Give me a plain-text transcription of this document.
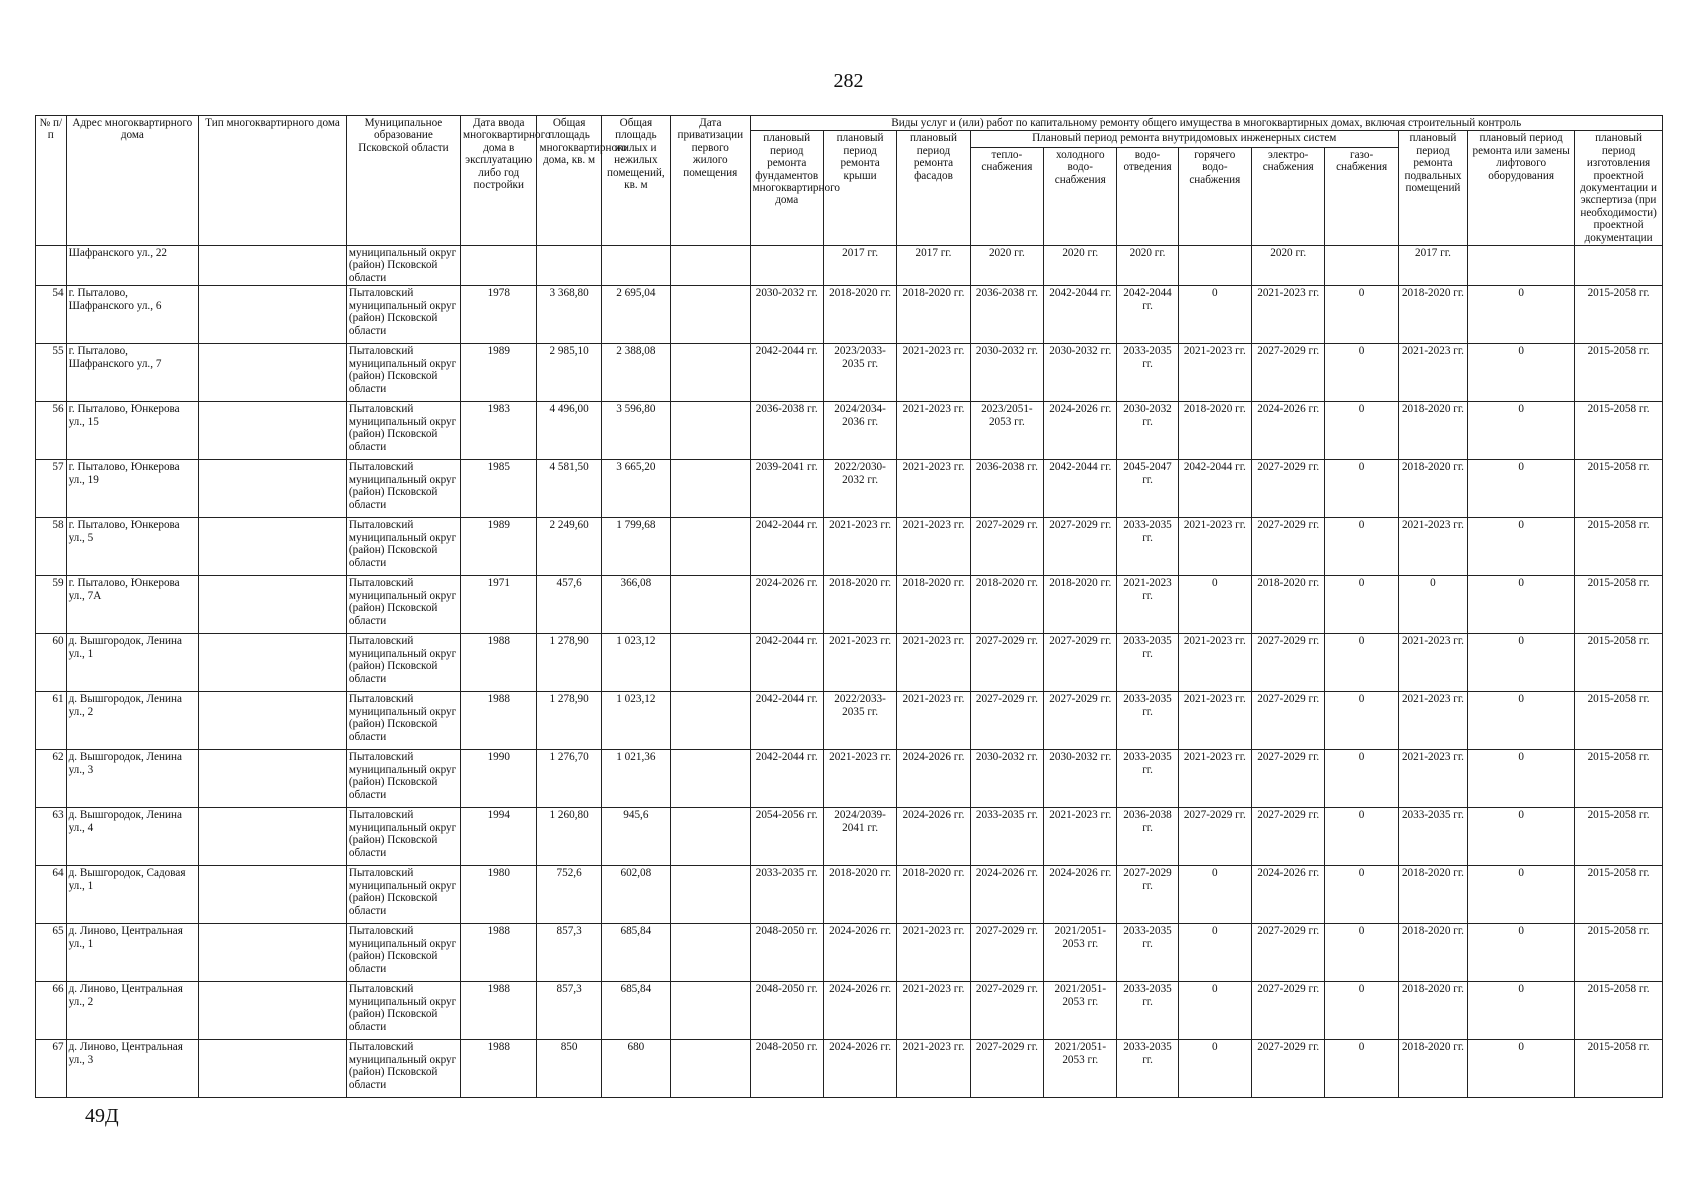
282
№ п/п	Адрес многоквартирного дома	Тип многоквартирного дома	Муниципальное образование Псковской области	Дата ввода многоквартирного дома в эксплуатацию либо год постройки	Общая площадь многоквартирного дома, кв. м	Общая площадь жилых и нежилых помещений, кв. м	Дата приватизации первого жилого помещения	Виды услуг и (или) работ по капитальному ремонту общего имущества в многоквартирных домах, включая строительный контроль											
								плановый период ремонта фундаментов многоквартирного дома	плановый период ремонта крыши	плановый период ремонта фасадов	Плановый период ремонта внутридомовых инженерных систем						плановый период ремонта подвальных помещений	плановый период ремонта или замены лифтового оборудования	плановый период изготовления проектной документации и экспертиза (при необходимости) проектной документации
											тепло-снабжения	холодного водо-снабжения	водо-отведения	горячего водо-снабжения	электро-снабжения	газо-снабжения			
	Шафранского ул., 22		муниципальный округ (район) Псковской области						2017 гг.	2017 гг.	2020 гг.	2020 гг.	2020 гг.		2020 гг.		2017 гг.		
54	г. Пыталово, Шафранского ул., 6		Пыталовский муниципальный округ (район) Псковской области	1978	3 368,80	2 695,04		2030-2032 гг.	2018-2020 гг.	2018-2020 гг.	2036-2038 гг.	2042-2044 гг.	2042-2044 гг.	0	2021-2023 гг.	0	2018-2020 гг.	0	2015-2058 гг.
55	г. Пыталово, Шафранского ул., 7		Пыталовский муниципальный округ (район) Псковской области	1989	2 985,10	2 388,08		2042-2044 гг.	2023/2033-2035 гг.	2021-2023 гг.	2030-2032 гг.	2030-2032 гг.	2033-2035 гг.	2021-2023 гг.	2027-2029 гг.	0	2021-2023 гг.	0	2015-2058 гг.
56	г. Пыталово, Юнкерова ул., 15		Пыталовский муниципальный округ (район) Псковской области	1983	4 496,00	3 596,80		2036-2038 гг.	2024/2034-2036 гг.	2021-2023 гг.	2023/2051-2053 гг.	2024-2026 гг.	2030-2032 гг.	2018-2020 гг.	2024-2026 гг.	0	2018-2020 гг.	0	2015-2058 гг.
57	г. Пыталово, Юнкерова ул., 19		Пыталовский муниципальный округ (район) Псковской области	1985	4 581,50	3 665,20		2039-2041 гг.	2022/2030-2032 гг.	2021-2023 гг.	2036-2038 гг.	2042-2044 гг.	2045-2047 гг.	2042-2044 гг.	2027-2029 гг.	0	2018-2020 гг.	0	2015-2058 гг.
58	г. Пыталово, Юнкерова ул., 5		Пыталовский муниципальный округ (район) Псковской области	1989	2 249,60	1 799,68		2042-2044 гг.	2021-2023 гг.	2021-2023 гг.	2027-2029 гг.	2027-2029 гг.	2033-2035 гг.	2021-2023 гг.	2027-2029 гг.	0	2021-2023 гг.	0	2015-2058 гг.
59	г. Пыталово, Юнкерова ул., 7А		Пыталовский муниципальный округ (район) Псковской области	1971	457,6	366,08		2024-2026 гг.	2018-2020 гг.	2018-2020 гг.	2018-2020 гг.	2018-2020 гг.	2021-2023 гг.	0	2018-2020 гг.	0	0	0	2015-2058 гг.
60	д. Вышгородок, Ленина ул., 1		Пыталовский муниципальный округ (район) Псковской области	1988	1 278,90	1 023,12		2042-2044 гг.	2021-2023 гг.	2021-2023 гг.	2027-2029 гг.	2027-2029 гг.	2033-2035 гг.	2021-2023 гг.	2027-2029 гг.	0	2021-2023 гг.	0	2015-2058 гг.
61	д. Вышгородок, Ленина ул., 2		Пыталовский муниципальный округ (район) Псковской области	1988	1 278,90	1 023,12		2042-2044 гг.	2022/2033-2035 гг.	2021-2023 гг.	2027-2029 гг.	2027-2029 гг.	2033-2035 гг.	2021-2023 гг.	2027-2029 гг.	0	2021-2023 гг.	0	2015-2058 гг.
62	д. Вышгородок, Ленина ул., 3		Пыталовский муниципальный округ (район) Псковской области	1990	1 276,70	1 021,36		2042-2044 гг.	2021-2023 гг.	2024-2026 гг.	2030-2032 гг.	2030-2032 гг.	2033-2035 гг.	2021-2023 гг.	2027-2029 гг.	0	2021-2023 гг.	0	2015-2058 гг.
63	д. Вышгородок, Ленина ул., 4		Пыталовский муниципальный округ (район) Псковской области	1994	1 260,80	945,6		2054-2056 гг.	2024/2039-2041 гг.	2024-2026 гг.	2033-2035 гг.	2021-2023 гг.	2036-2038 гг.	2027-2029 гг.	2027-2029 гг.	0	2033-2035 гг.	0	2015-2058 гг.
64	д. Вышгородок, Садовая ул., 1		Пыталовский муниципальный округ (район) Псковской области	1980	752,6	602,08		2033-2035 гг.	2018-2020 гг.	2018-2020 гг.	2024-2026 гг.	2024-2026 гг.	2027-2029 гг.	0	2024-2026 гг.	0	2018-2020 гг.	0	2015-2058 гг.
65	д. Линово, Центральная ул., 1		Пыталовский муниципальный округ (район) Псковской области	1988	857,3	685,84		2048-2050 гг.	2024-2026 гг.	2021-2023 гг.	2027-2029 гг.	2021/2051-2053 гг.	2033-2035 гг.	0	2027-2029 гг.	0	2018-2020 гг.	0	2015-2058 гг.
66	д. Линово, Центральная ул., 2		Пыталовский муниципальный округ (район) Псковской области	1988	857,3	685,84		2048-2050 гг.	2024-2026 гг.	2021-2023 гг.	2027-2029 гг.	2021/2051-2053 гг.	2033-2035 гг.	0	2027-2029 гг.	0	2018-2020 гг.	0	2015-2058 гг.
67	д. Линово, Центральная ул., 3		Пыталовский муниципальный округ (район) Псковской области	1988	850	680		2048-2050 гг.	2024-2026 гг.	2021-2023 гг.	2027-2029 гг.	2021/2051-2053 гг.	2033-2035 гг.	0	2027-2029 гг.	0	2018-2020 гг.	0	2015-2058 гг.
49Д
